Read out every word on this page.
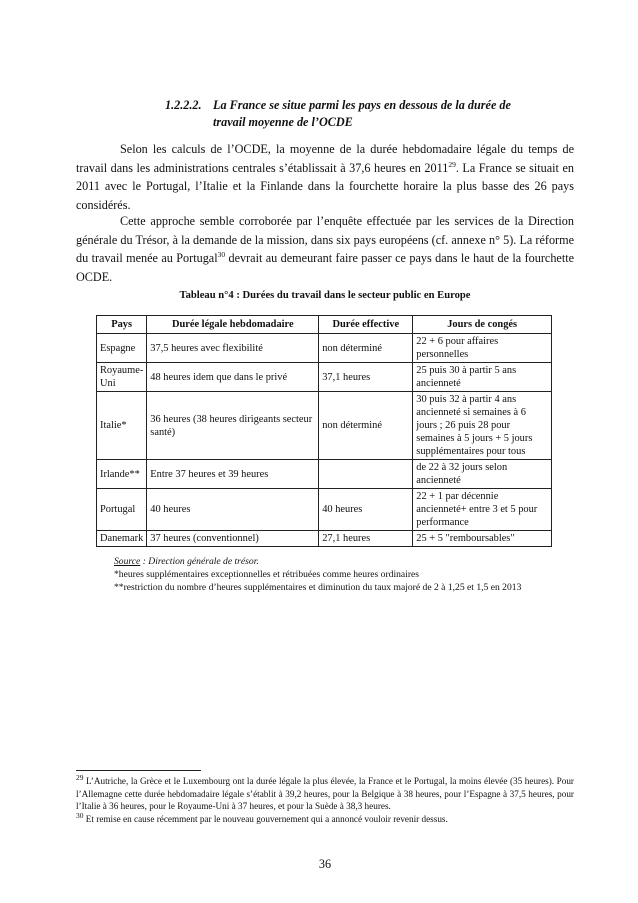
1.2.2.2. La France se situe parmi les pays en dessous de la durée de
travail moyenne de l’OCDE

Selon les calculs de l’OCDE, la moyenne de la durée hebdomadaire légale du temps de travail dans les administrations centrales s’établissait à 37,6 heures en 2011$^{29}$. La France se situait en 2011 avec le Portugal, l’Italie et la Finlande dans la fourchette horaire la plus basse des 26 pays considérés.

Cette approche semble corroborée par l’enquête effectuée par les services de la Direction générale du Trésor, à la demande de la mission, dans six pays européens (cf. annexe n° 5). La réforme du travail menée au Portugal$^{30}$ devrait au demeurant faire passer ce pays dans le haut de la fourchette OCDE.

Tableau n°4 : Durées du travail dans le secteur public en Europe
Pays	Durée légale hebdomadaire	Durée effective	Jours de congés
Espagne	37,5 heures avec flexibilité	non déterminé	22 + 6 pour affaires personnelles
Royaume-Uni	48 heures idem que dans le privé	37,1 heures	25 puis 30 à partir 5 ans ancienneté
Italie*	36 heures (38 heures dirigeants secteur santé)	non déterminé	30 puis 32 à partir 4 ans ancienneté si semaines à 6 jours ; 26 puis 28 pour semaines à 5 jours + 5 jours supplémentaires pour tous
Irlande**	Entre 37 heures et 39 heures		de 22 à 32 jours selon ancienneté
Portugal	40 heures	40 heures	22 + 1 par décennie ancienneté+ entre 3 et 5 pour performance
Danemark	37 heures (conventionnel)	27,1 heures	25 + 5 "remboursables"
Source : Direction générale de trésor.
*heures supplémentaires exceptionnelles et rétribuées comme heures ordinaires
**restriction du nombre d’heures supplémentaires et diminution du taux majoré de 2 à 1,25 et 1,5 en 2013

$^{29}$ L’Autriche, la Grèce et le Luxembourg ont la durée légale la plus élevée, la France et le Portugal, la moins élevée (35 heures). Pour l’Allemagne cette durée hebdomadaire légale s’établit à 39,2 heures, pour la Belgique à 38 heures, pour l’Espagne à 37,5 heures, pour l’Italie à 36 heures, pour le Royaume-Uni à 37 heures, et pour la Suède à 38,3 heures.

$^{30}$ Et remise en cause récemment par le nouveau gouvernement qui a annoncé vouloir revenir dessus.

36
